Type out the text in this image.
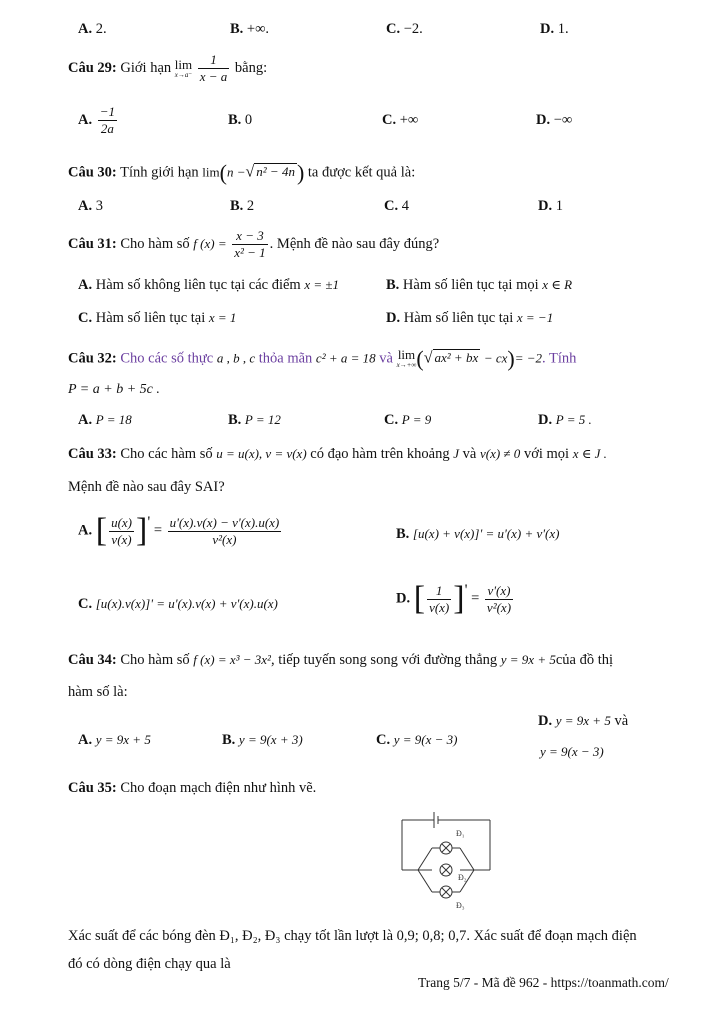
A. 2.	B. +∞.	C. −2.	D. 1.
Câu 29: Giới hạn lim
x→a⁻
$\frac{1}{x - a}$ bằng:
A. $\frac{-1}{2a}$	B. 0	C. +∞	D. −∞
Câu 30: Tính giới hạn lim(n −√ n² − 4n) ta được kết quả là:
A. 3	B. 2	C. 4	D. 1
Câu 31: Cho hàm số f $(x) = \frac{x - 3}{\text{x² − 1}}$ . Mệnh đề nào sau đây đúng?
A. Hàm số không liên tục tại các điểm x = ±1	B. Hàm số liên tục tại mọi x ∈ R
C. Hàm số liên tục tại x = 1	D. Hàm số liên tục tại x = −1
Câu 32: Cho các số thực a , b , c thỏa mãn c² + a = 18 và lim
x→+∞ (√ ax² + bx − cx)= −2. Tính
P = a + b + 5c .
A. P = 18	B. P = 12	C. P = 9	D. P = 5 .
Câu 33: Cho các hàm số u = u(x), v = v(x) có đạo hàm trên khoảng J và v(x) ≠ 0 với mọi x ∈ J .
Mệnh đề nào sau đây SAI?
A. [ $\frac{u(x)}{v(x)}$ ]' = $\frac{u'(x).v(x) - v'(x).u(x)}{\text{v²(x)}}$	B. [u(x) + v(x)]' = u'(x) + v'(x)
C. [u(x).v(x)]' = u'(x).v(x) + v'(x).u(x)	D. [ $\frac{1}{v(x)}$ ]' = $\frac{v'(x)}{\text{v²(x)}}$
Câu 34: Cho hàm số f (x) = x³ − 3x², tiếp tuyến song song với đường thẳng y = 9x + 5của đồ thị
hàm số là:
A. y = 9x + 5	B. y = 9(x + 3)	C. y = 9(x − 3)
D. y = 9x + 5 và
y = 9(x − 3)
Câu 35: Cho đoạn mạch điện như hình vẽ.
Đ₁
Đ₂
Đ₃
Xác suất để các bóng đèn Đ₁, Đ₂, Đ₃ chạy tốt lần lượt là 0,9; 0,8; 0,7. Xác suất để đoạn mạch điện
đó có dòng điện chạy qua là
Trang 5/7 - Mã đề 962 - https://toanmath.com/
